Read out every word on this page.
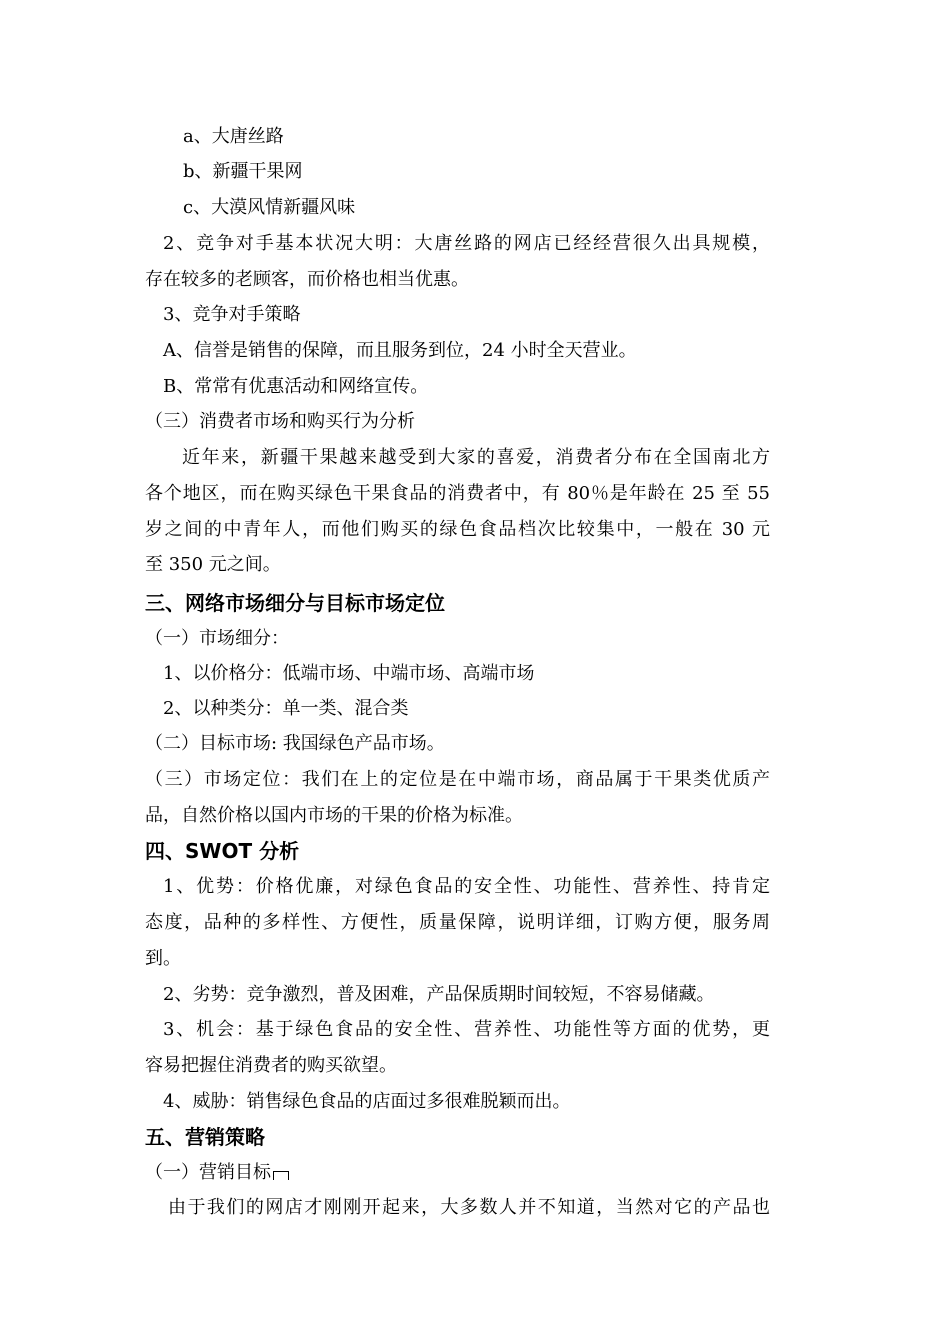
a、大唐丝路
b、新疆干果网
c、大漠风情新疆风味
2、竞争对手基本状况大明：大唐丝路的网店已经经营很久出具规模，
存在较多的老顾客，而价格也相当优惠。
3、竞争对手策略
A、信誉是销售的保障，而且服务到位，24 小时全天营业。
B、常常有优惠活动和网络宣传。
（三）消费者市场和购买行为分析
近年来，新疆干果越来越受到大家的喜爱，消费者分布在全国南北方
各个地区，而在购买绿色干果食品的消费者中，有 80％是年龄在 25 至 55
岁之间的中青年人，而他们购买的绿色食品档次比较集中，一般在 30 元
至 350 元之间。
三、网络市场细分与目标市场定位
（一）市场细分：
1、以价格分：低端市场、中端市场、高端市场
2、以种类分：单一类、混合类
（二）目标市场: 我国绿色产品市场。
（三）市场定位：我们在上的定位是在中端市场，商品属于干果类优质产
品，自然价格以国内市场的干果的价格为标准。
四、SWOT 分析
1、优势：价格优廉，对绿色食品的安全性、功能性、营养性、持肯定
态度，品种的多样性、方便性，质量保障，说明详细，订购方便，服务周
到。
2、劣势：竞争激烈，普及困难，产品保质期时间较短，不容易储藏。
3、机会：基于绿色食品的安全性、营养性、功能性等方面的优势，更
容易把握住消费者的购买欲望。
4、威胁：销售绿色食品的店面过多很难脱颖而出。
五、营销策略
（一）营销目标
由于我们的网店才刚刚开起来，大多数人并不知道，当然对它的产品也
